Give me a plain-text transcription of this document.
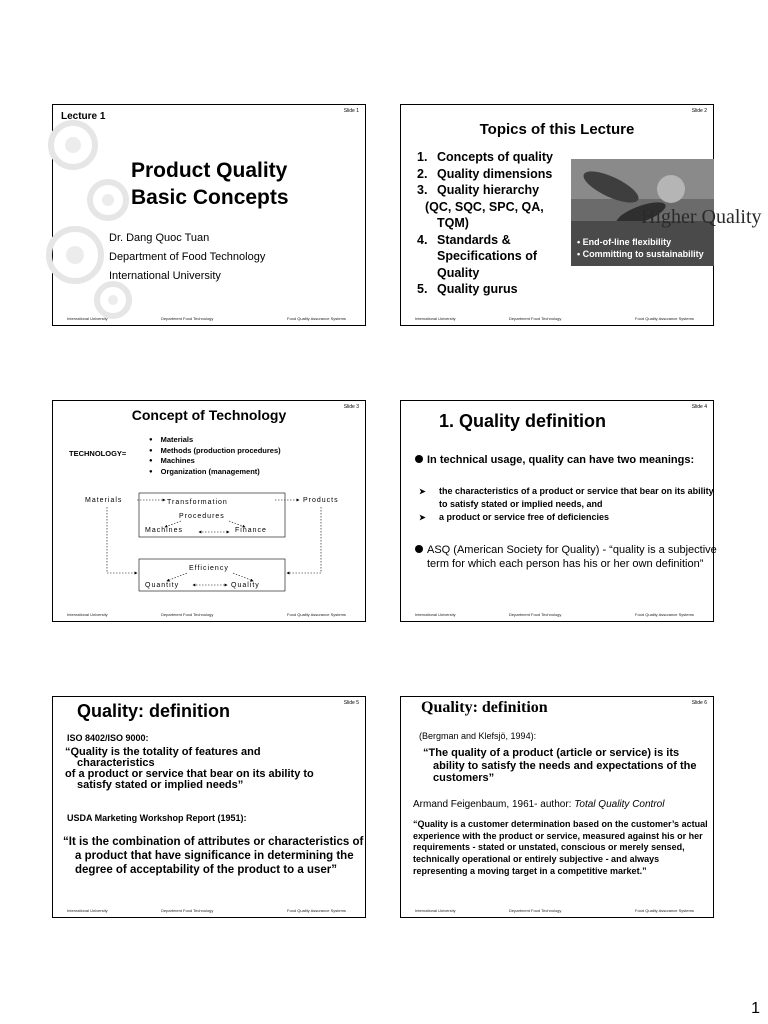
Slide 1
Lecture 1
Product Quality
Basic Concepts
Dr. Dang Quoc Tuan
Department of Food Technology
International University
International University	Department Food Technology	Food Quality Assurance Systems
Slide 2
Topics of this Lecture
1. Concepts of quality
2. Quality dimensions
3. Quality hierarchy
(QC, SQC, SPC, QA,
TQM)
4. Standards &
Specifications of
Quality
5. Quality gurus
Higher Quality
• End-of-line flexibility
• Committing to sustainability
International University	Department Food Technology	Food Quality Assurance Systems
Slide 3
Concept of Technology
TECHNOLOGY=
● Materials
● Methods (production procedures)
● Machines
● Organization (management)
Materials	Transformation	Products
Procedures
Machines	Finance
Efficiency
Quantity	Quality
International University	Department Food Technology	Food Quality Assurance Systems
Slide 4
1. Quality definition
In technical usage, quality can have two meanings:
➤ the characteristics of a product or service that bear on its ability to satisfy stated or implied needs, and
➤ a product or service free of deficiencies
ASQ (American Society for Quality) - “quality is a subjective term for which each person has his or her own definition”
International University	Department Food Technology	Food Quality Assurance Systems
Slide 5
Quality: definition
ISO 8402/ISO 9000:
“Quality is the totality of features and
characteristics
of a product or service that bear on its ability to
satisfy stated or implied needs”
USDA Marketing Workshop Report (1951):
“It is the combination of attributes or characteristics of a product that have significance in determining the degree of acceptability of the product to a user”
International University	Department Food Technology	Food Quality Assurance Systems
Slide 6
Quality: definition
(Bergman and Klefsjö, 1994):
“The quality of a product (article or service) is its ability to satisfy the needs and expectations of the customers”
Armand Feigenbaum, 1961- author: Total Quality Control
“Quality is a customer determination based on the customer’s actual experience with the product or service, measured against his or her requirements - stated or unstated, conscious or merely sensed, technically operational or entirely subjective - and always representing a moving target in a competitive market.”
International University	Department Food Technology	Food Quality Assurance Systems
1
